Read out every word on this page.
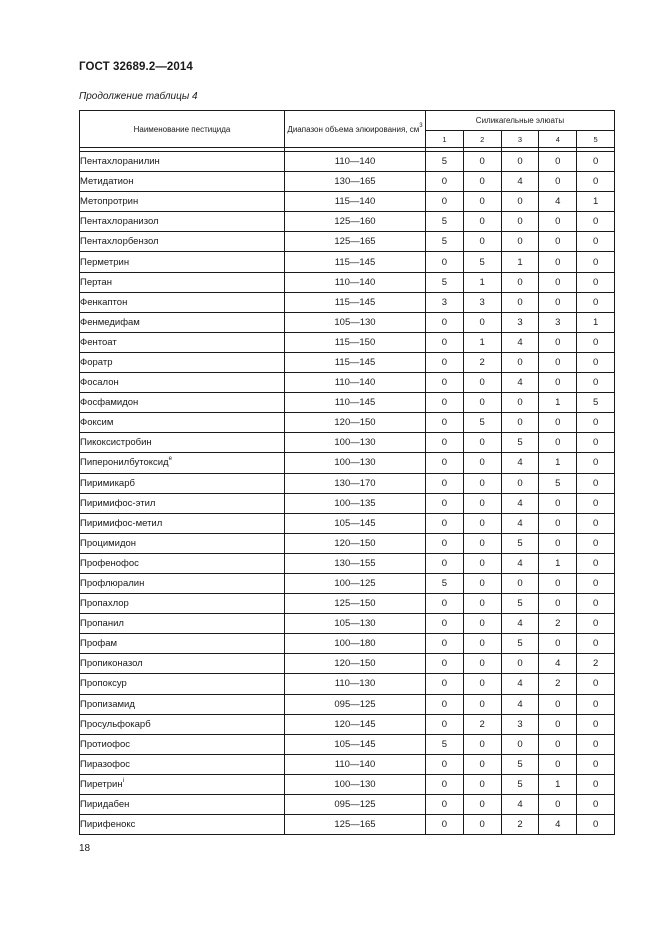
ГОСТ 32689.2—2014
Продолжение таблицы 4
Наименование пестицида	Диапазон объема элюирования, $см^3$	Силикагельные элюаты				
		1	2	3	4	5

Пентахлоранилин	110—140	5	0	0	0	0
Метидатион	130—165	0	0	4	0	0
Метопротрин	115—140	0	0	0	4	1
Пентахлоранизол	125—160	5	0	0	0	0
Пентахлорбензол	125—165	5	0	0	0	0
Перметрин	115—145	0	5	1	0	0
Пертан	110—140	5	1	0	0	0
Фенкаптон	115—145	3	3	0	0	0
Фенмедифам	105—130	0	0	3	3	1
Фентоат	115—150	0	1	4	0	0
Форатр	115—145	0	2	0	0	0
Фосалон	110—140	0	0	4	0	0
Фосфамидон	110—145	0	0	0	1	5
Фоксим	120—150	0	5	0	0	0
Пикоксистробин	100—130	0	0	5	0	0
Пиперонилбутоксид$^е$	100—130	0	0	4	1	0
Пиримикарб	130—170	0	0	0	5	0
Пиримифос-этил	100—135	0	0	4	0	0
Пиримифос-метил	105—145	0	0	4	0	0
Процимидон	120—150	0	0	5	0	0
Профенофос	130—155	0	0	4	1	0
Профлюралин	100—125	5	0	0	0	0
Пропахлор	125—150	0	0	5	0	0
Пропанил	105—130	0	0	4	2	0
Профам	100—180	0	0	5	0	0
Пропиконазол	120—150	0	0	0	4	2
Пропоксур	110—130	0	0	4	2	0
Пропизамид	095—125	0	0	4	0	0
Просульфокарб	120—145	0	2	3	0	0
Протиофос	105—145	5	0	0	0	0
Пиразофос	110—140	0	0	5	0	0
Пиретрин$^i$	100—130	0	0	5	1	0
Пиридабен	095—125	0	0	4	0	0
Пирифенокс	125—165	0	0	2	4	0
18
